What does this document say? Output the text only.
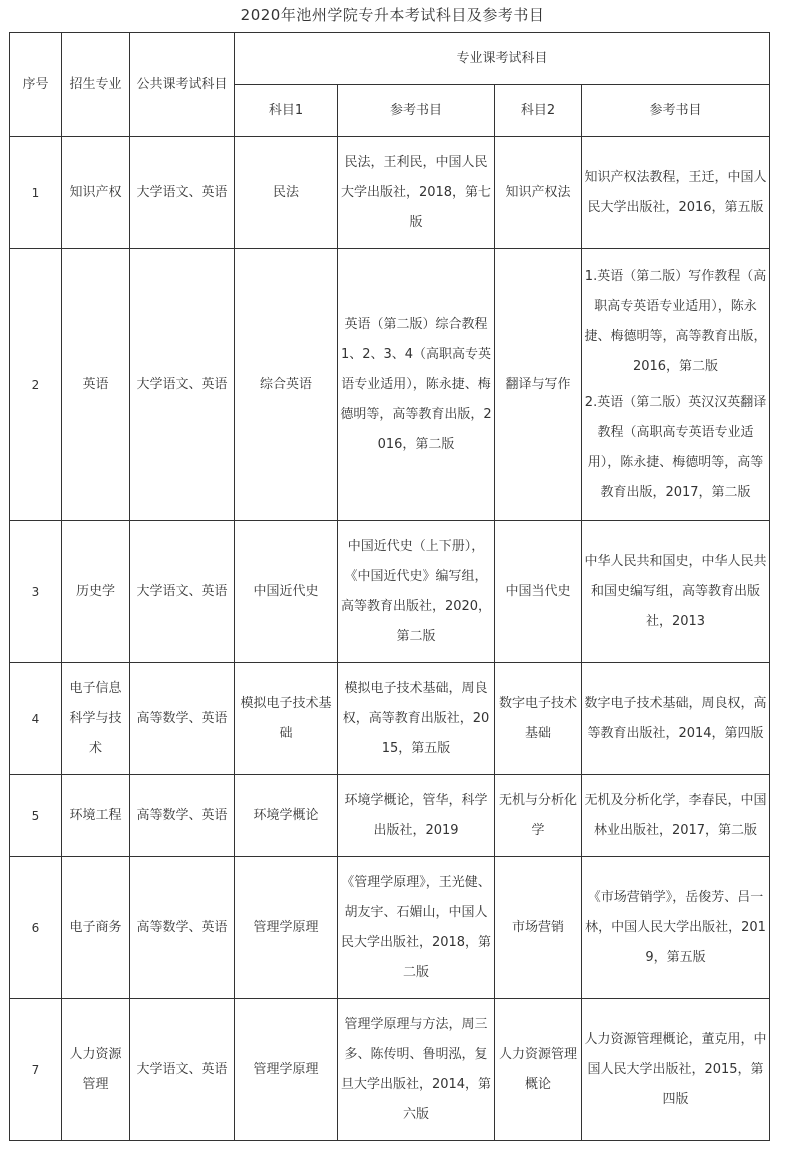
2020年池州学院专升本考试科目及参考书目
序号	招生专业	公共课考试科目	专业课考试科目			
			科目1	参考书目	科目2	参考书目
1	知识产权	大学语文、英语	民法	民法，王利民，中国人民大学出版社，2018，第七版	知识产权法	知识产权法教程，王迁，中国人民大学出版社，2016，第五版

2	英语	大学语文、英语	综合英语	英语（第二版）综合教程1、2、3、4（高职高专英语专业适用），陈永捷、梅德明等，高等教育出版，2016，第二版	翻译与写作	1.英语（第二版）写作教程（高职高专英语专业适用），陈永捷、梅德明等，高等教育出版，2016，第二版

2.英语（第二版）英汉汉英翻译教程（高职高专英语专业适用），陈永捷、梅德明等，高等教育出版，2017，第二版

3	历史学	大学语文、英语	中国近代史	中国近代史（上下册），《中国近代史》编写组，高等教育出版社，2020，第二版	中国当代史	中华人民共和国史，中华人民共和国史编写组，高等教育出版社，2013

4	电子信息科学与技术	高等数学、英语	模拟电子技术基础	模拟电子技术基础，周良权，高等教育出版社，2015，第五版	数字电子技术基础	数字电子技术基础，周良权，高等教育出版社，2014，第四版

5	环境工程	高等数学、英语	环境学概论	环境学概论，管华，科学出版社，2019	无机与分析化学	无机及分析化学，李春民，中国林业出版社，2017，第二版

6	电子商务	高等数学、英语	管理学原理	《管理学原理》，王光健、胡友宇、石媚山，中国人民大学出版社，2018，第二版	市场营销	《市场营销学》，岳俊芳、吕一林，中国人民大学出版社，2019，第五版

7	人力资源管理	大学语文、英语	管理学原理	管理学原理与方法，周三多、陈传明、鲁明泓，复旦大学出版社，2014，第六版	人力资源管理概论	人力资源管理概论，董克用，中国人民大学出版社，2015，第四版
